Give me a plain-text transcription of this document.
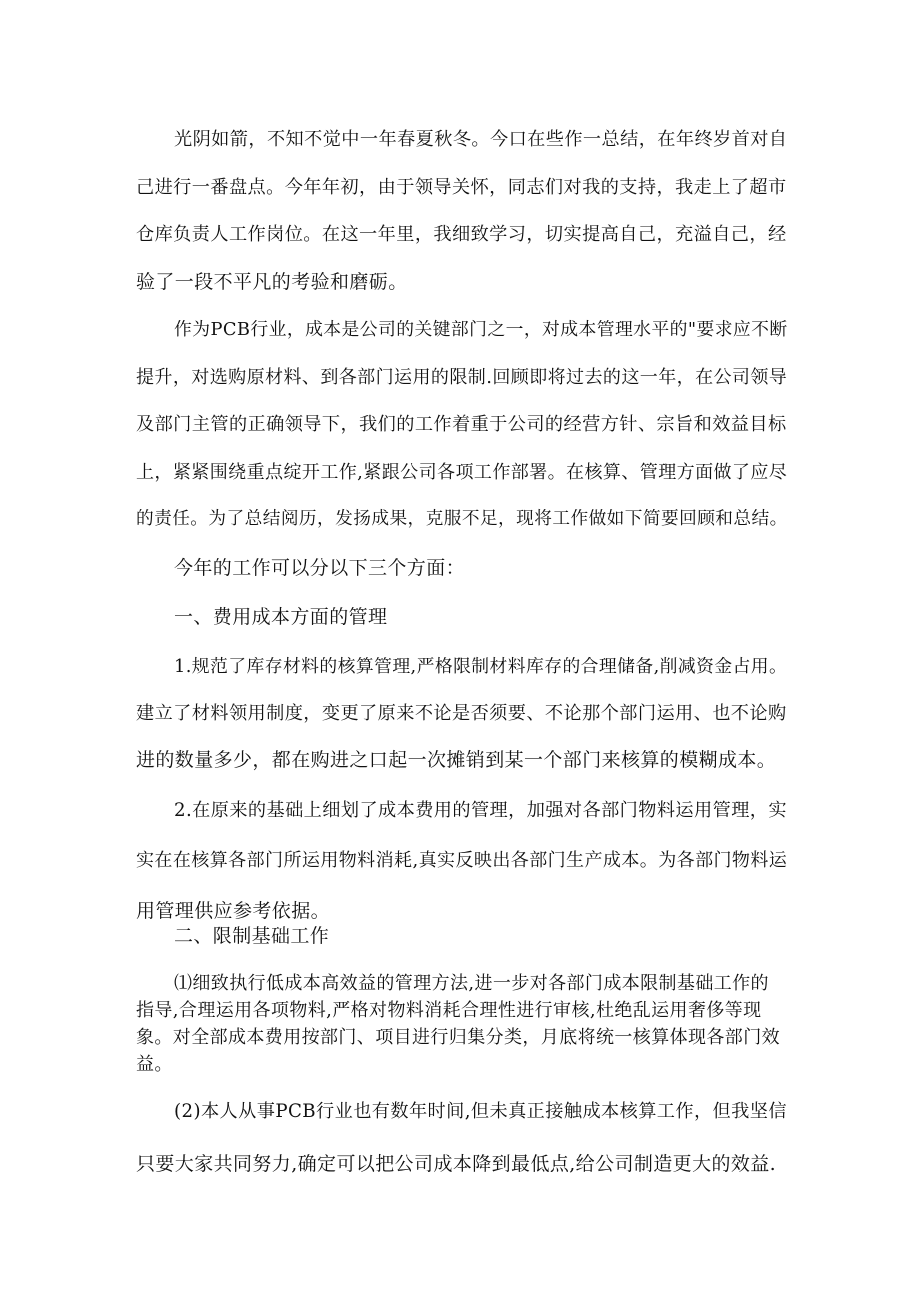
光阴如箭，不知不觉中一年春夏秋冬。今口在些作一总结，在年终岁首对自
己进行一番盘点。今年年初，由于领导关怀，同志们对我的支持，我走上了超市
仓库负责人工作岗位。在这一年里，我细致学习，切实提高自己，充溢自己，经
验了一段不平凡的考验和磨砺。
作为PCB行业，成本是公司的关键部门之一，对成本管理水平的"要求应不断
提升，对选购原材料、到各部门运用的限制.回顾即将过去的这一年，在公司领导
及部门主管的正确领导下，我们的工作着重于公司的经营方针、宗旨和效益目标
上，紧紧围绕重点绽开工作,紧跟公司各项工作部署。在核算、管理方面做了应尽
的责任。为了总结阅历，发扬成果，克服不足，现将工作做如下简要回顾和总结。
今年的工作可以分以下三个方面：
一、费用成本方面的管理
1.规范了库存材料的核算管理,严格限制材料库存的合理储备,削减资金占用。
建立了材料领用制度，变更了原来不论是否须要、不论那个部门运用、也不论购
进的数量多少，都在购进之口起一次摊销到某一个部门来核算的模糊成本。
2.在原来的基础上细划了成本费用的管理，加强对各部门物料运用管理，实
实在在核算各部门所运用物料消耗,真实反映出各部门生产成本。为各部门物料运
用管理供应参考依据。
二、限制基础工作
⑴细致执行低成本高效益的管理方法,进一步对各部门成本限制基础工作的
指导,合理运用各项物料,严格对物料消耗合理性进行审核,杜绝乱运用奢侈等现
象。对全部成本费用按部门、项目进行归集分类，月底将统一核算体现各部门效
益。
(2)本人从事PCB行业也有数年时间,但未真正接触成本核算工作，但我坚信
只要大家共同努力,确定可以把公司成本降到最低点,给公司制造更大的效益.
